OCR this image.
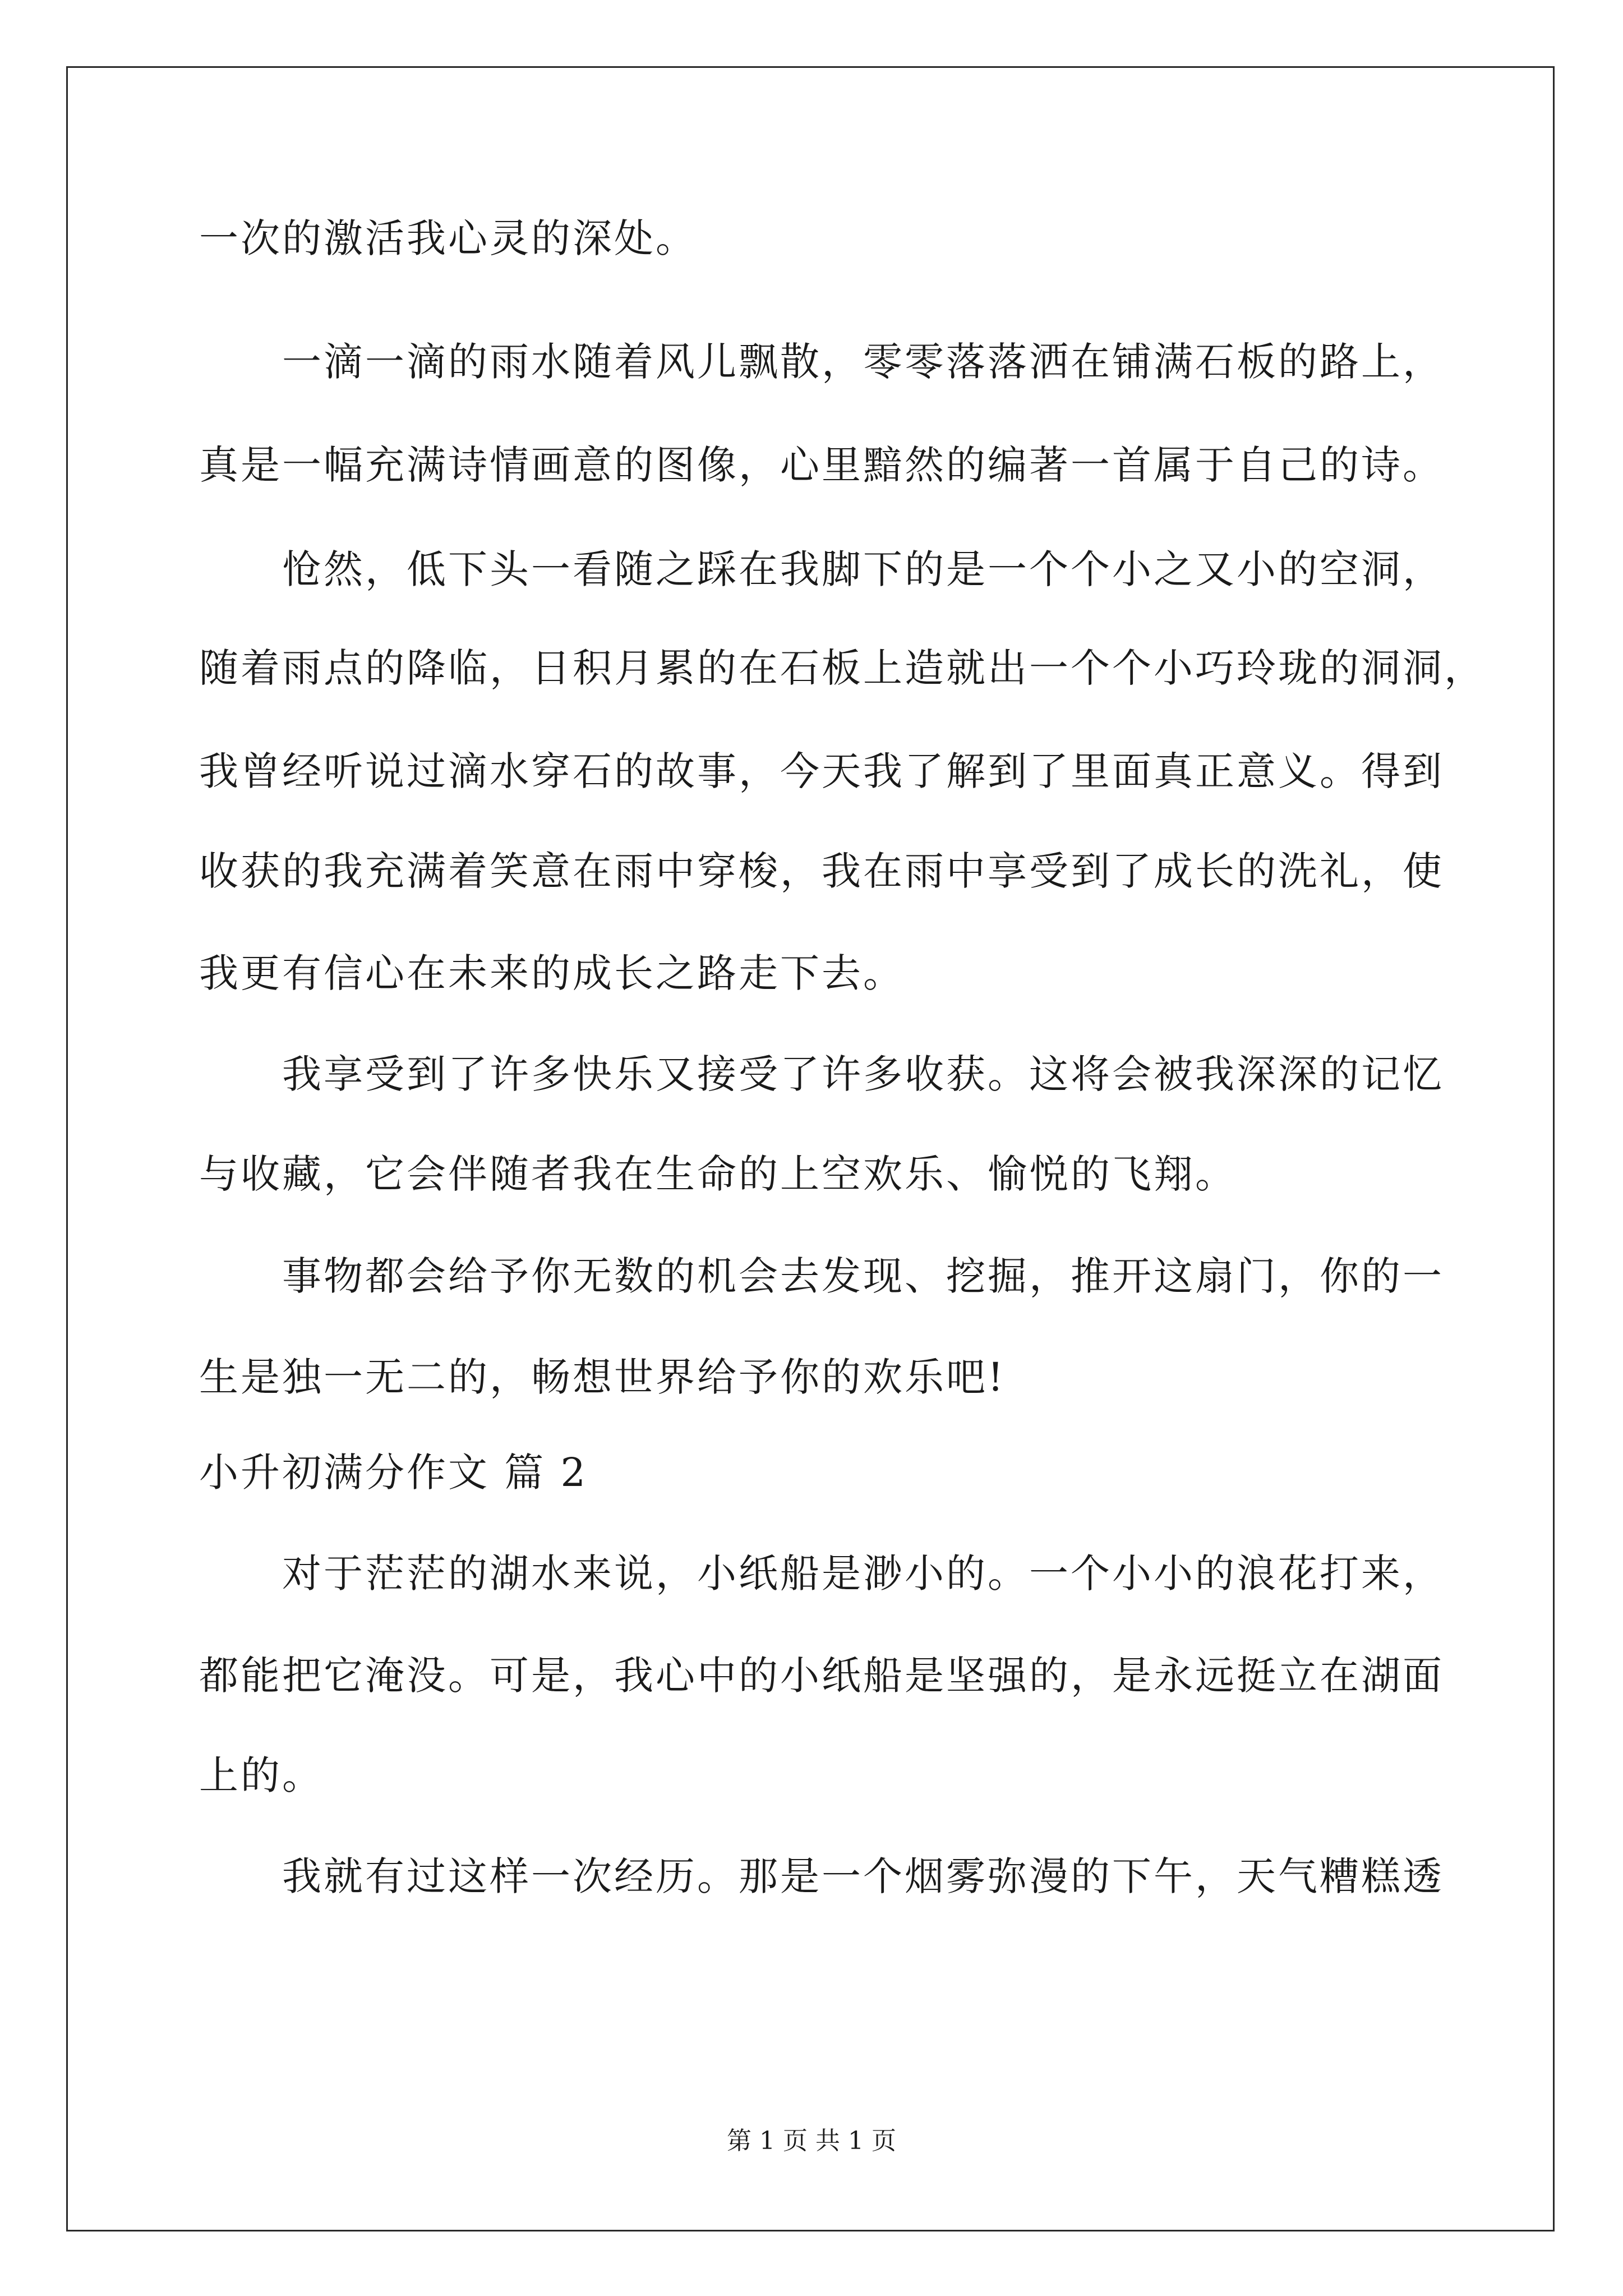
一次的激活我心灵的深处。
一滴一滴的雨水随着风儿飘散，零零落落洒在铺满石板的路上，
真是一幅充满诗情画意的图像，心里黯然的编著一首属于自己的诗。
怆然，低下头一看随之踩在我脚下的是一个个小之又小的空洞，
随着雨点的降临，日积月累的在石板上造就出一个个小巧玲珑的洞洞，
我曾经听说过滴水穿石的故事，今天我了解到了里面真正意义。得到
收获的我充满着笑意在雨中穿梭，我在雨中享受到了成长的洗礼，使
我更有信心在未来的成长之路走下去。
我享受到了许多快乐又接受了许多收获。这将会被我深深的记忆
与收藏，它会伴随者我在生命的上空欢乐、愉悦的飞翔。
事物都会给予你无数的机会去发现、挖掘，推开这扇门，你的一
生是独一无二的，畅想世界给予你的欢乐吧!
小升初满分作文 篇 2
对于茫茫的湖水来说，小纸船是渺小的。一个小小的浪花打来，
都能把它淹没。可是，我心中的小纸船是坚强的，是永远挺立在湖面
上的。
我就有过这样一次经历。那是一个烟雾弥漫的下午，天气糟糕透
第 1 页 共 1 页
